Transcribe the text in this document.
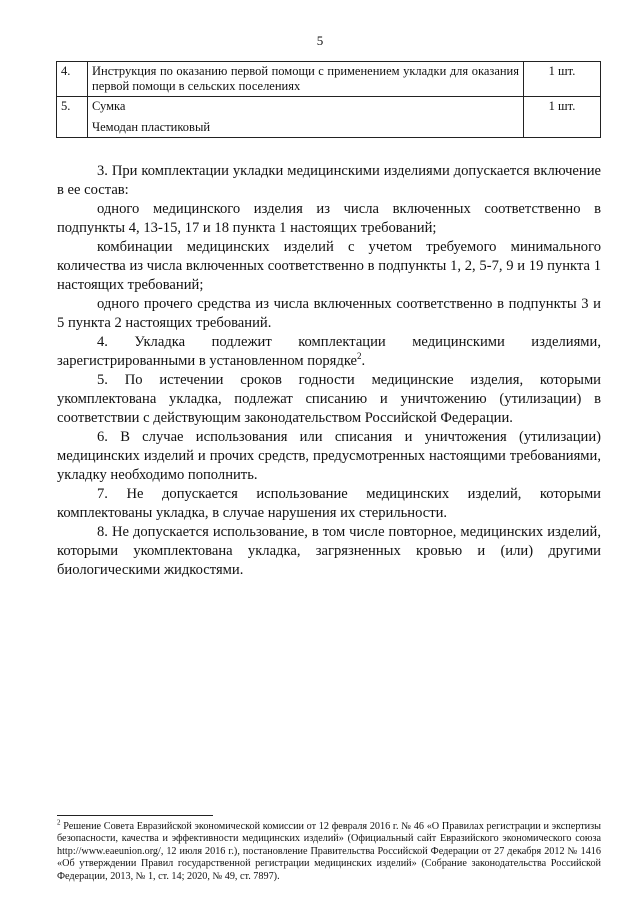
5
4.	Инструкция по оказанию первой помощи с применением укладки для оказания первой помощи в сельских поселениях	1 шт.
5.	Сумка
Чемодан пластиковый	1 шт.

3. При комплектации укладки медицинскими изделиями допускается включение в ее состав:

одного медицинского изделия из числа включенных соответственно в подпункты 4, 13-15, 17 и 18 пункта 1 настоящих требований;

комбинации медицинских изделий с учетом требуемого минимального количества из числа включенных соответственно в подпункты 1, 2, 5-7, 9 и 19 пункта 1 настоящих требований;

одного прочего средства из числа включенных соответственно в подпункты 3 и 5 пункта 2 настоящих требований.

4. Укладка подлежит комплектации медицинскими изделиями, зарегистрированными в установленном порядке$^2$.

5. По истечении сроков годности медицинские изделия, которыми укомплектована укладка, подлежат списанию и уничтожению (утилизации) в соответствии с действующим законодательством Российской Федерации.

6. В случае использования или списания и уничтожения (утилизации) медицинских изделий и прочих средств, предусмотренных настоящими требованиями, укладку необходимо пополнить.

7. Не допускается использование медицинских изделий, которыми комплектованы укладка, в случае нарушения их стерильности.

8. Не допускается использование, в том числе повторное, медицинских изделий, которыми укомплектована укладка, загрязненных кровью и (или) другими биологическими жидкостями.

$^2$ Решение Совета Евразийской экономической комиссии от 12 февраля 2016 г. № 46 «О Правилах регистрации и экспертизы безопасности, качества и эффективности медицинских изделий» (Официальный сайт Евразийского экономического союза http://www.eaeunion.org/, 12 июля 2016 г.), постановление Правительства Российской Федерации от 27 декабря 2012 № 1416 «Об утверждении Правил государственной регистрации медицинских изделий» (Собрание законодательства Российской Федерации, 2013, № 1, ст. 14; 2020, № 49, ст. 7897).
